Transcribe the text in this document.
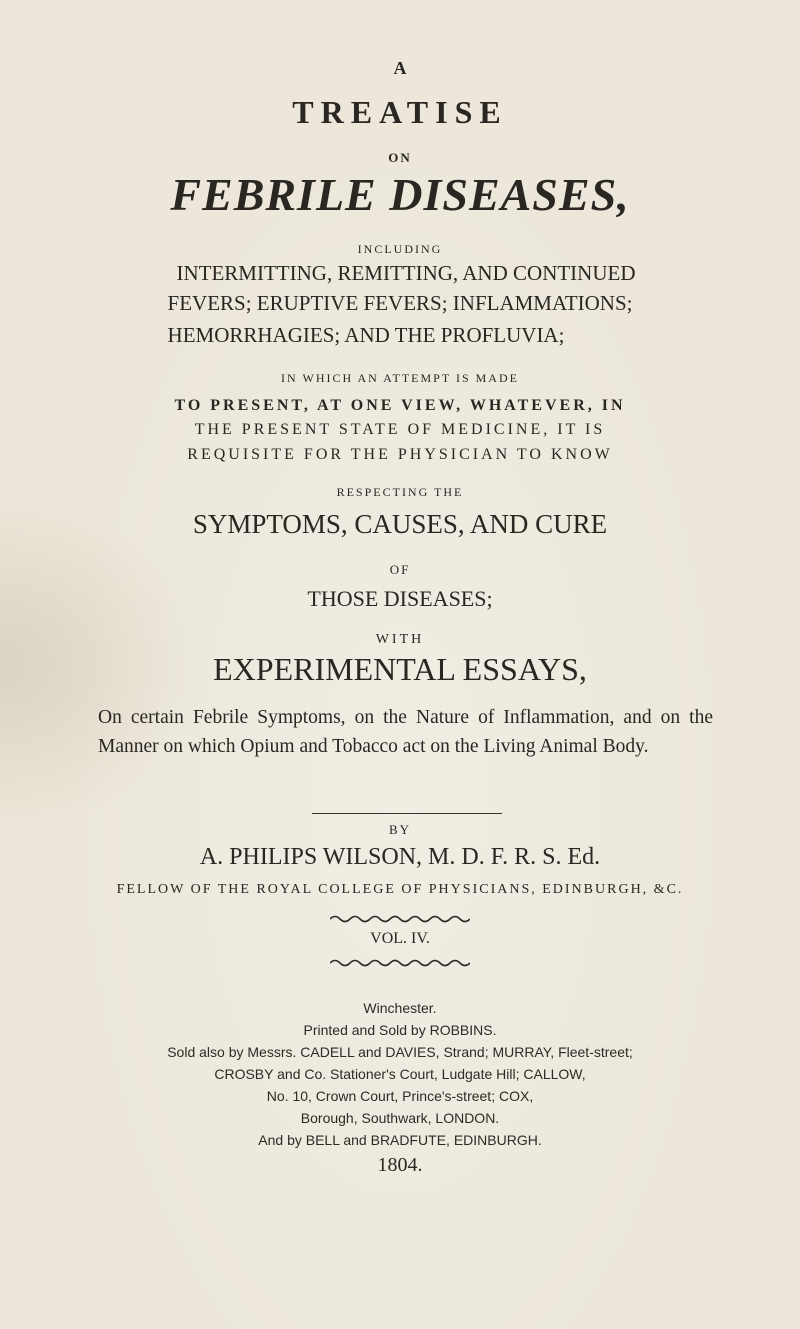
A
TREATISE
ON
FEBRILE DISEASES,
INCLUDING
INTERMITTING, REMITTING, AND CONTINUED
FEVERS; ERUPTIVE FEVERS; INFLAMMATIONS;
HEMORRHAGIES; AND THE PROFLUVIA;
IN WHICH AN ATTEMPT IS MADE
TO PRESENT, AT ONE VIEW, WHATEVER, IN
THE PRESENT STATE OF MEDICINE, IT IS
REQUISITE FOR THE PHYSICIAN TO KNOW
RESPECTING THE
SYMPTOMS, CAUSES, AND CURE
OF
THOSE DISEASES;
WITH
EXPERIMENTAL ESSAYS,
On certain Febrile Symptoms, on the Nature of Inflammation, and on the Manner on which Opium and Tobacco act on the Living Animal Body.
BY
A. PHILIPS WILSON, M. D. F. R. S. Ed.
FELLOW OF THE ROYAL COLLEGE OF PHYSICIANS, EDINBURGH, &C.
VOL. IV.
Winchester.
Printed and Sold by ROBBINS.
Sold also by Messrs. CADELL and DAVIES, Strand; MURRAY, Fleet-street;
CROSBY and Co. Stationer's Court, Ludgate Hill; CALLOW,
No. 10, Crown Court, Prince's-street; COX,
Borough, Southwark, LONDON.
And by BELL and BRADFUTE, EDINBURGH.
1804.
